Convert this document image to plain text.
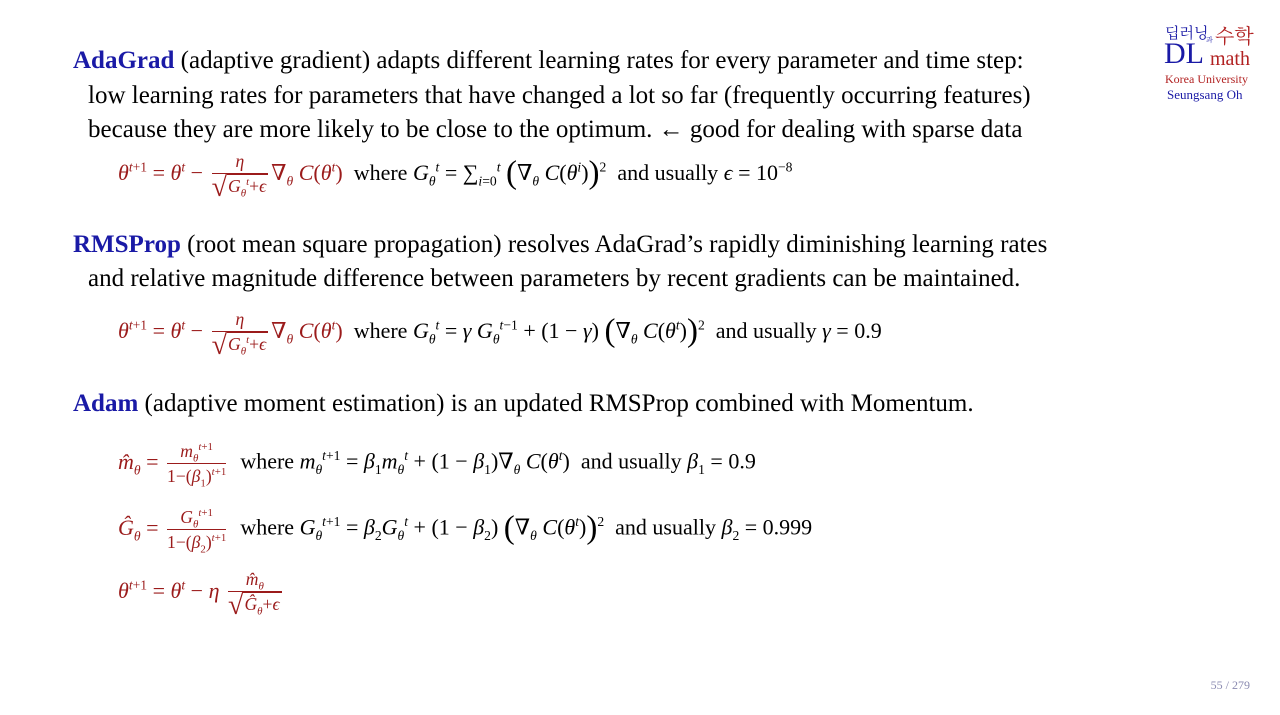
딥러닝
과 수학
DL math
Korea University
Seungsang Oh
AdaGrad (adaptive gradient) adapts different learning rates for every parameter and time step:
low learning rates for parameters that have changed a lot so far (frequently occurring features)
because they are more likely to be close to the optimum. ← good for dealing with sparse data
$\theta^{t+1} = \theta^t - \frac{\eta}{√G_\theta^t+\epsilon} \nabla_\theta$ $C(\theta^t)$  where $G_\theta^t = \sum_{i=0}^t$ ($\nabla_\theta$ $C(\theta^i))^2$ and usually $\epsilon = 10^{-8}$
RMSProp (root mean square propagation) resolves AdaGrad’s rapidly diminishing learning rates
and relative magnitude difference between parameters by recent gradients can be maintained.
$\theta^{t+1} = \theta^t - \frac{\eta}{√G_\theta^t+\epsilon} \nabla_\theta$ $C(\theta^t)$  where $G_\theta^t = \gamma$ $G_\theta^{t-1} + (1 - \gamma)$ ($\nabla_\theta$ $C(\theta^t))^2$ and usually γ = 0.9
Adam (adaptive moment estimation) is an updated RMSProp combined with Momentum.
$m̂_\theta = \frac{m_\theta^{t+1}}{1-(\beta_1)^{t+1}}$ where $m_\theta^{t+1} = \beta_1m_\theta^t + (1 - \beta_1)\nabla_\theta$ $C(\theta^t)$  and usually $\beta_1 = 0.9$
$Ĝ_\theta = \frac{G_\theta^{t+1}}{1-(\beta_2)^{t+1}}$ where $G_\theta^{t+1} = \beta_2G_\theta^t + (1 - \beta_2)$ ($\nabla_\theta$ $C(\theta^t))^2$ and usually $\beta_2 = 0.999$
$\theta^{t+1} = \theta^t - \eta \frac{m̂_\theta}{√Ĝ_\theta+\epsilon}$
55 / 279
